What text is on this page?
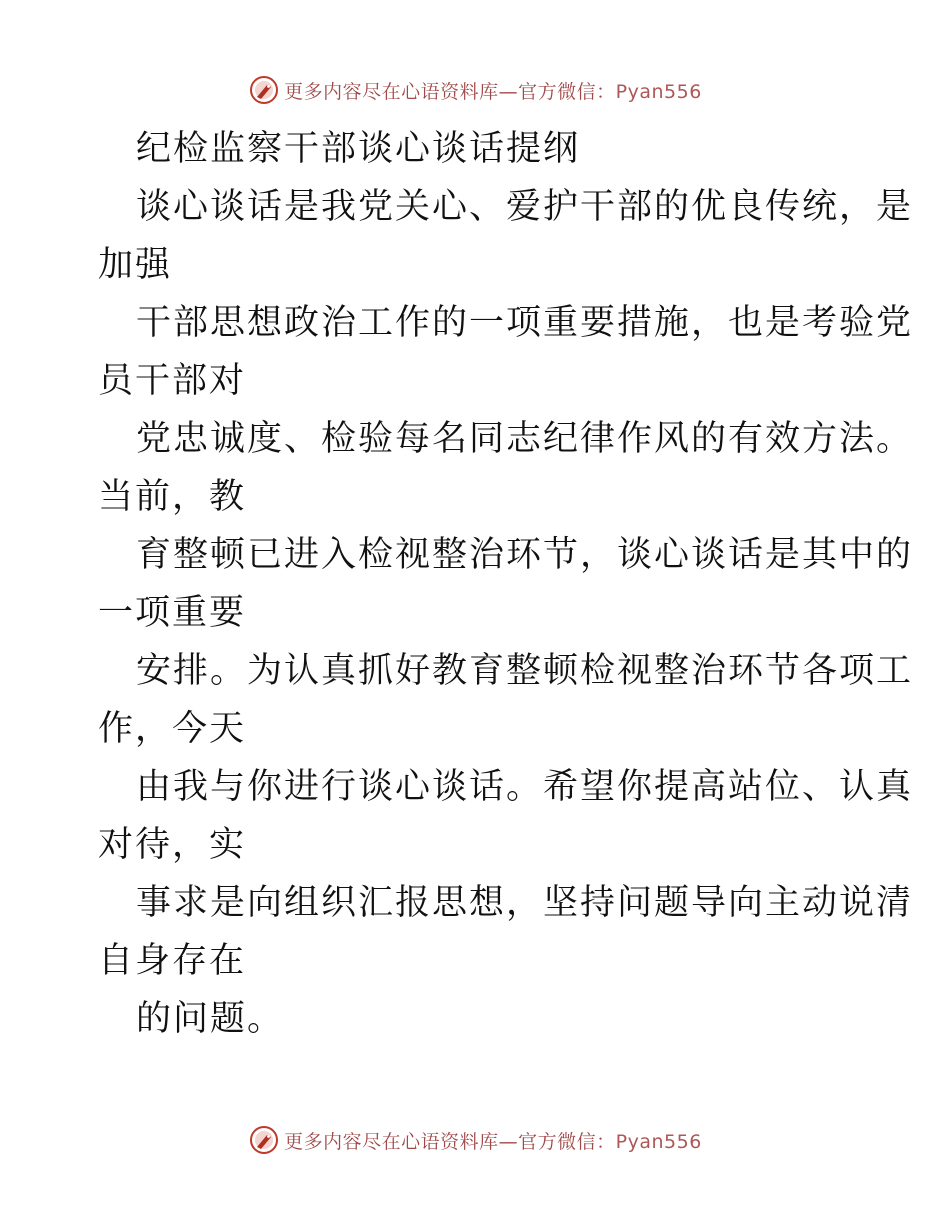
更多内容尽在心语资料库—官方微信：Pyan556
纪检监察干部谈心谈话提纲
谈心谈话是我党关心、爱护干部的优良传统，是
加强
干部思想政治工作的一项重要措施，也是考验党
员干部对
党忠诚度、检验每名同志纪律作风的有效方法。
当前，教
育整顿已进入检视整治环节，谈心谈话是其中的
一项重要
安排。为认真抓好教育整顿检视整治环节各项工
作，今天
由我与你进行谈心谈话。希望你提高站位、认真
对待，实
事求是向组织汇报思想，坚持问题导向主动说清
自身存在
的问题。
更多内容尽在心语资料库—官方微信：Pyan556
